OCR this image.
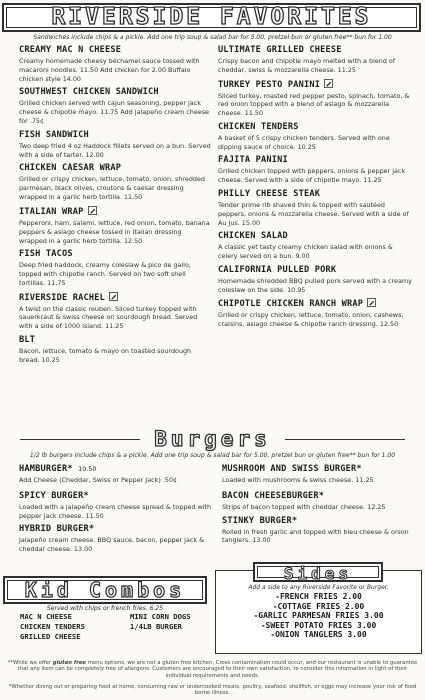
RIVERSIDE FAVORITES
Sandwiches include chips & a pickle. Add one trip soup & salad bar for 5.00, pretzel bun or gluten free** bun for 1.00
CREAMY MAC N CHEESE
Creamy homemade cheesy béchamel sauce tossed with macaroni noodles. 11.50 Add chicken for 2.00 Buffalo chicken style 14.00
SOUTHWEST CHICKEN SANDWICH
Grilled chicken served with cajun seasoning, pepper jack cheese & chipotle mayo. 11.75 Add jalapeño cream cheese for .75¢
FISH SANDWICH
Two deep fried 4 oz Haddock fillets served on a bun. Served with a side of tarter. 12.00
CHICKEN CAESAR WRAP
Grilled or crispy chicken, lettuce, tomato, onion, shredded parmesan, black olives, croutons & caesar dressing wrapped in a garlic herb tortilla. 11.50
ITALIAN WRAP
Pepperoni, ham, salami, lettuce, red onion, tomato, banana peppers & asiago cheese tossed in Italian dressing wrapped in a garlic herb tortilla. 12.50
FISH TACOS
Deep fried haddock, creamy coleslaw & pico de gallo, topped with chipotle ranch. Served on two soft shell tortillas. 11.75
RIVERSIDE RACHEL
A twist on the classic reuben. Sliced turkey topped with sauerkraut & swiss cheese on sourdough bread. Served with a side of 1000 island. 11.25
BLT
Bacon, lettuce, tomato & mayo on toasted sourdough bread. 10.25
ULTIMATE GRILLED CHEESE
Crispy bacon and chipotle mayo melted with a blend of cheddar, swiss & mozzarella cheese. 11.25
TURKEY PESTO PANINI
Sliced turkey, roasted red pepper pesto, spinach, tomato, & red onion topped with a blend of asiago & mozzarella cheese. 11.50
CHICKEN TENDERS
A basket of 5 crispy chicken tenders. Served with one dipping sauce of choice. 10.25
FAJITA PANINI
Grilled chicken topped with peppers, onions & pepper jack cheese. Served with a side of chipotle mayo. 11.25
PHILLY CHEESE STEAK
Tender prime rib shaved thin & topped with sautéed peppers, onions & mozzarella cheese. Served with a side of Au Jus. 15.00
CHICKEN SALAD
A classic yet tasty creamy chicken salad with onions & celery served on a bun. 9.00
CALIFORNIA PULLED PORK
Homemade shredded BBQ pulled pork served with a creamy coleslaw on the side. 10.95
CHIPOTLE CHICKEN RANCH WRAP
Grilled or crispy chicken, lettuce, tomato, onion, cashews, craisins, asiago cheese & chipotle ranch dressing. 12.50
Burgers
1/2 lb burgers include chips & a pickle. Add one trip soup & salad bar for 5.00, pretzel bun or gluten free** bun for 1.00
HAMBURGER* 10.50
Add Cheese (Cheddar, Swiss or Pepper Jack) .50¢
SPICY BURGER*
Loaded with a jalapeño cream cheese spread & topped with pepper jack cheese. 11.50
HYBRID BURGER*
Jalapeño cream cheese, BBQ sauce, bacon, pepper jack & cheddar cheese. 13.00
MUSHROOM AND SWISS BURGER*
Loaded with mushrooms & swiss cheese. 11.25
BACON CHEESEBURGER*
Strips of bacon topped with cheddar cheese. 12.25
STINKY BURGER*
Rolled in fresh garlic and topped with bleu cheese & onion tanglers. 13.00
Kid Combos
Served with chips or french fries. 6.25
MAC N CHEESE
CHICKEN TENDERS
GRILLED CHEESE
MINI CORN DOGS
1/4LB BURGER
Sides
Add a side to any Riverside Favorite or Burger.
-FRENCH FRIES 2.00
-COTTAGE FRIES 2.00
-GARLIC PARMESAN FRIES 3.00
-SWEET POTATO FRIES 3.00
-ONION TANGLERS 3.00
**While we offer gluten free menu options, we are not a gluten free kitchen. Cross contamination could occur, and our restaurant is unable to guarantee that any item can be completely free of allergens. Customers are encouraged to their own satisfaction, to consider this information in light of their individual requirements and needs.
*Whether dining out or preparing food at home, consuming raw or undercooked meats, poultry, seafood, shellfish, or eggs may increase your risk of food borne illness.
